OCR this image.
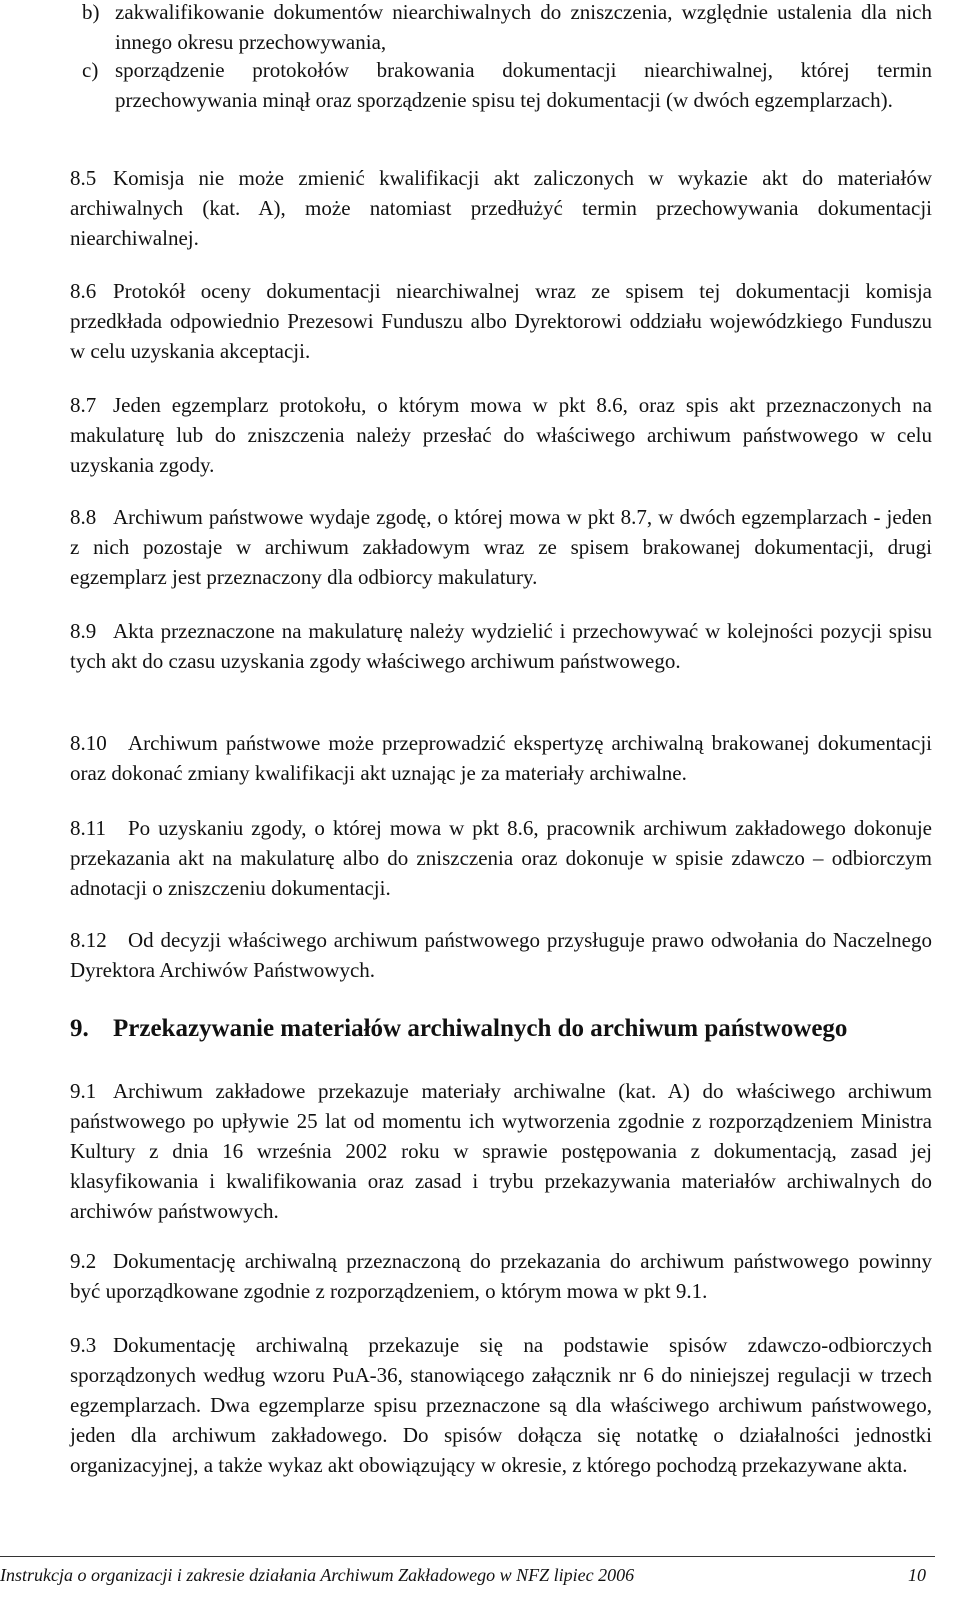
b) zakwalifikowanie dokumentów niearchiwalnych do zniszczenia, względnie ustalenia dla nich innego okresu przechowywania,
c) sporządzenie protokołów brakowania dokumentacji niearchiwalnej, której termin przechowywania minął oraz sporządzenie spisu tej dokumentacji (w dwóch egzemplarzach).
8.5 Komisja nie może zmienić kwalifikacji akt zaliczonych w wykazie akt do materiałów archiwalnych (kat. A), może natomiast przedłużyć termin przechowywania dokumentacji niearchiwalnej.
8.6 Protokół oceny dokumentacji niearchiwalnej wraz ze spisem tej dokumentacji komisja przedkłada odpowiednio Prezesowi Funduszu albo Dyrektorowi oddziału wojewódzkiego Funduszu w celu uzyskania akceptacji.
8.7 Jeden egzemplarz protokołu, o którym mowa w pkt 8.6, oraz spis akt przeznaczonych na makulaturę lub do zniszczenia należy przesłać do właściwego archiwum państwowego w celu uzyskania zgody.
8.8 Archiwum państwowe wydaje zgodę, o której mowa w pkt 8.7, w dwóch egzemplarzach - jeden z nich pozostaje w archiwum zakładowym wraz ze spisem brakowanej dokumentacji, drugi egzemplarz jest przeznaczony dla odbiorcy makulatury.
8.9 Akta przeznaczone na makulaturę należy wydzielić i przechowywać w kolejności pozycji spisu tych akt do czasu uzyskania zgody właściwego archiwum państwowego.
8.10	Archiwum państwowe może przeprowadzić ekspertyzę archiwalną brakowanej dokumentacji oraz dokonać zmiany kwalifikacji akt uznając je za materiały archiwalne.
8.11	Po uzyskaniu zgody, o której mowa w pkt 8.6, pracownik archiwum zakładowego dokonuje przekazania akt na makulaturę albo do zniszczenia oraz dokonuje w spisie zdawczo – odbiorczym adnotacji o zniszczeniu dokumentacji.
8.12	Od decyzji właściwego archiwum państwowego przysługuje prawo odwołania do Naczelnego Dyrektora Archiwów Państwowych.
9. Przekazywanie materiałów archiwalnych do archiwum państwowego
9.1 Archiwum zakładowe przekazuje materiały archiwalne (kat. A) do właściwego archiwum państwowego po upływie 25 lat od momentu ich wytworzenia zgodnie z rozporządzeniem Ministra Kultury z dnia 16 września 2002 roku w sprawie postępowania z dokumentacją, zasad jej klasyfikowania i kwalifikowania oraz zasad i trybu przekazywania materiałów archiwalnych do archiwów państwowych.
9.2 Dokumentację archiwalną przeznaczoną do przekazania do archiwum państwowego powinny być uporządkowane zgodnie z rozporządzeniem, o którym mowa w pkt 9.1.
9.3 Dokumentację archiwalną przekazuje się na podstawie spisów zdawczo-odbiorczych sporządzonych według wzoru PuA-36, stanowiącego załącznik nr 6 do niniejszej regulacji w trzech egzemplarzach. Dwa egzemplarze spisu przeznaczone są dla właściwego archiwum państwowego, jeden dla archiwum zakładowego. Do spisów dołącza się notatkę o działalności jednostki organizacyjnej, a także wykaz akt obowiązujący w okresie, z którego pochodzą przekazywane akta.
Instrukcja o organizacji i zakresie działania Archiwum Zakładowego w NFZ lipiec 2006	10
